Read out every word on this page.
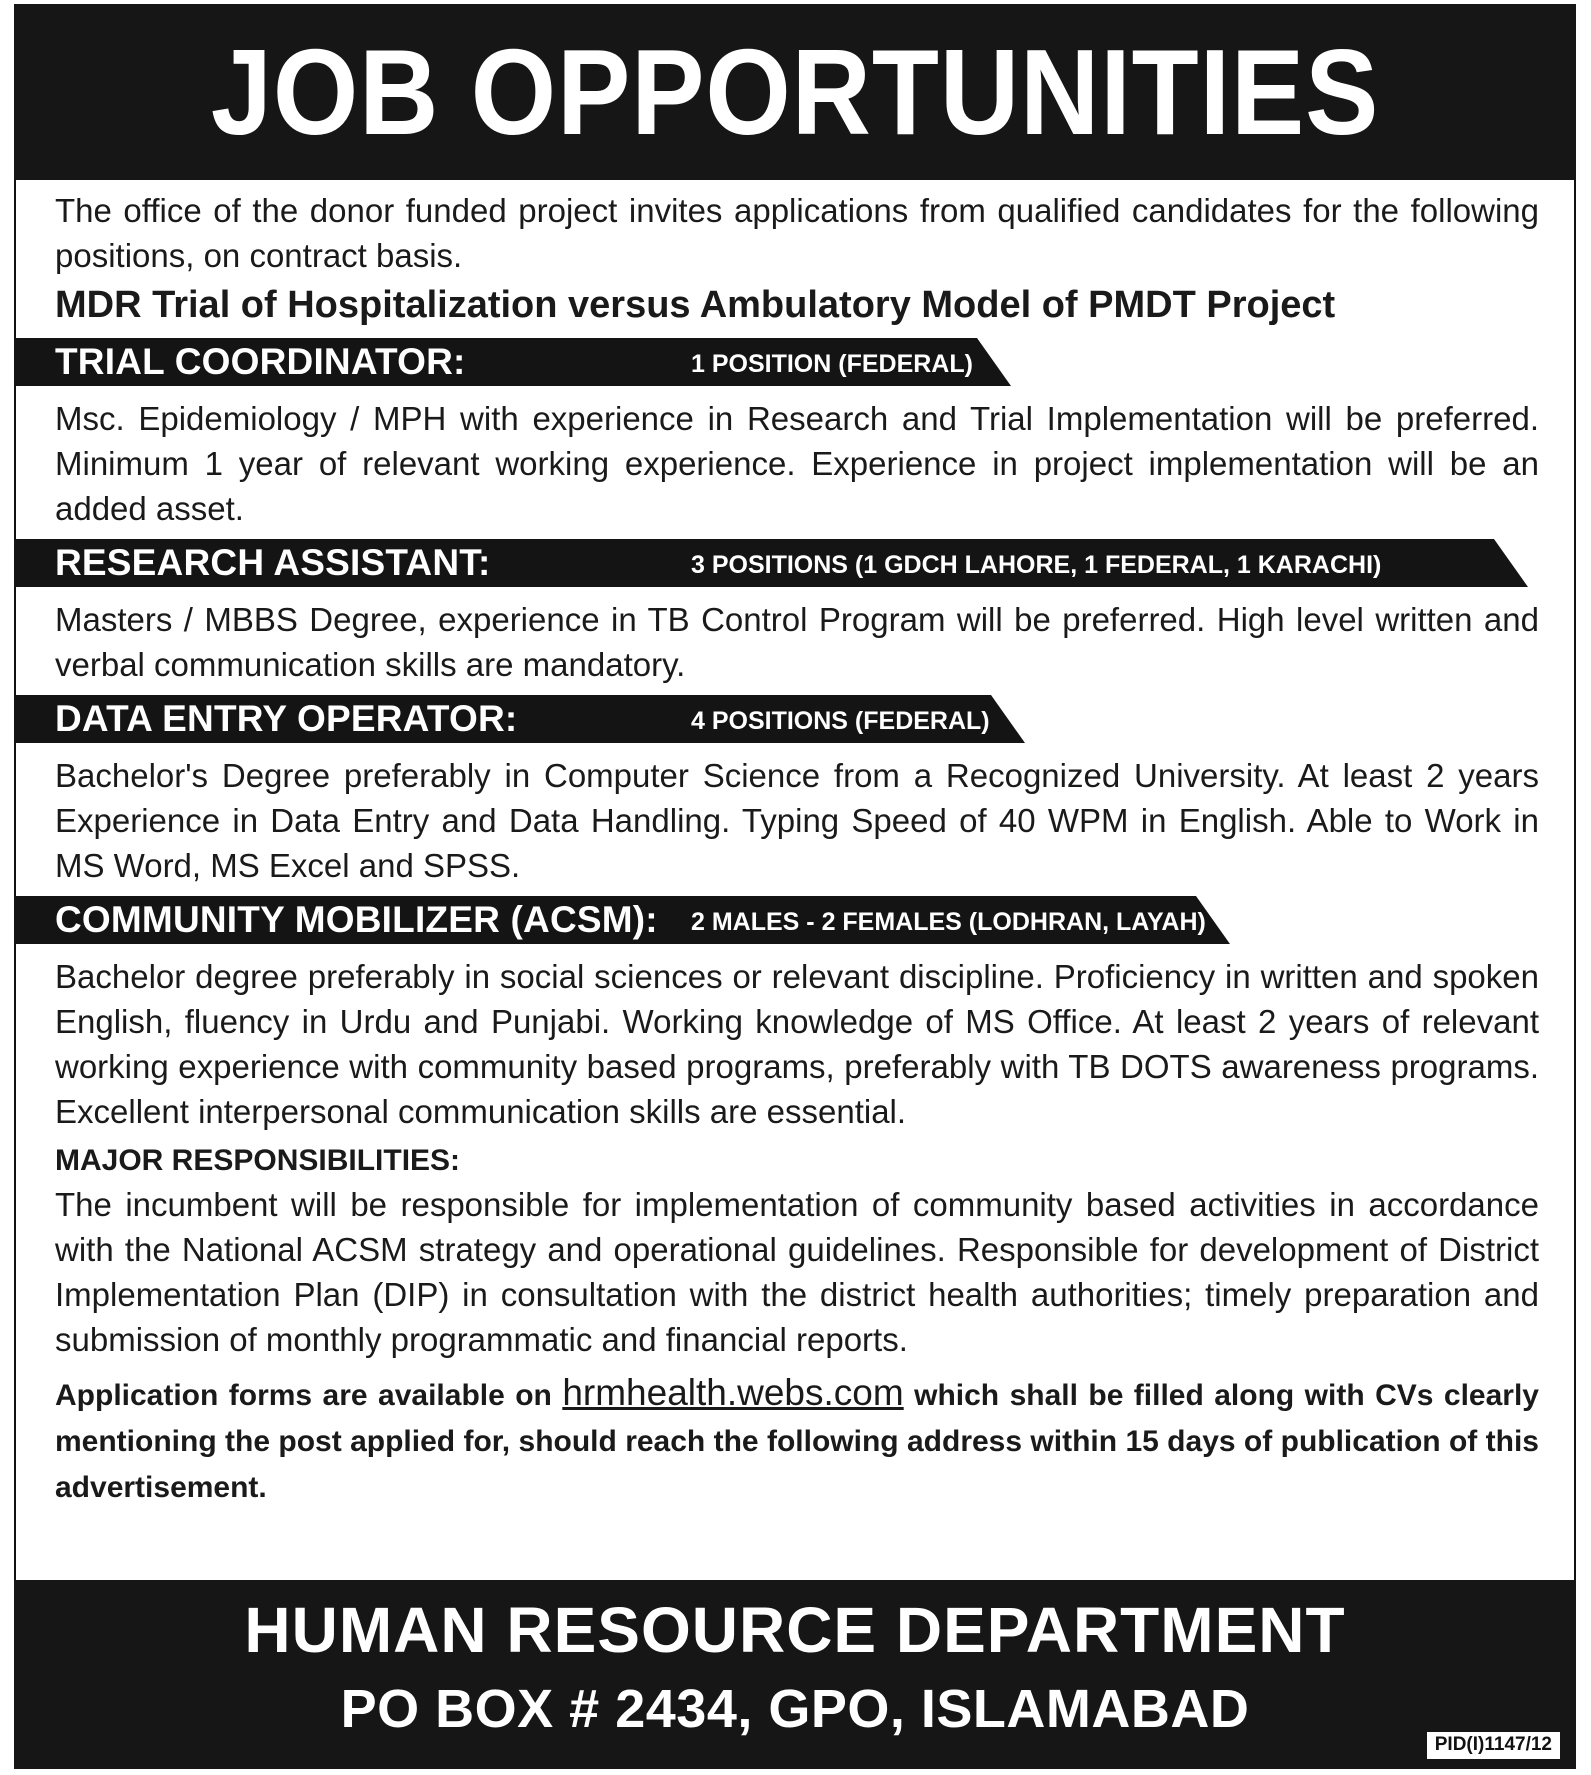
JOB OPPORTUNITIES

The office of the donor funded project invites applications from qualified candidates for the following positions, on contract basis.

MDR Trial of Hospitalization versus Ambulatory Model of PMDT Project
TRIAL COORDINATOR:	1 POSITION (FEDERAL)

Msc. Epidemiology / MPH with experience in Research and Trial Implementation will be preferred. Minimum 1 year of relevant working experience. Experience in project implementation will be an added asset.

RESEARCH ASSISTANT:	3 POSITIONS (1 GDCH LAHORE, 1 FEDERAL, 1 KARACHI)

Masters / MBBS Degree, experience in TB Control Program will be preferred. High level written and verbal communication skills are mandatory.

DATA ENTRY OPERATOR:	4 POSITIONS (FEDERAL)

Bachelor's Degree preferably in Computer Science from a Recognized University. At least 2 years Experience in Data Entry and Data Handling. Typing Speed of 40 WPM in English. Able to Work in MS Word, MS Excel and SPSS.

COMMUNITY MOBILIZER (ACSM): 2 MALES - 2 FEMALES (LODHRAN, LAYAH)

Bachelor degree preferably in social sciences or relevant discipline. Proficiency in written and spoken English, fluency in Urdu and Punjabi. Working knowledge of MS Office. At least 2 years of relevant working experience with community based programs, preferably with TB DOTS awareness programs. Excellent interpersonal communication skills are essential.

MAJOR RESPONSIBILITIES:

The incumbent will be responsible for implementation of community based activities in accordance with the National ACSM strategy and operational guidelines. Responsible for development of District Implementation Plan (DIP) in consultation with the district health authorities; timely preparation and submission of monthly programmatic and financial reports.

Application forms are available on hrmhealth.webs.com which shall be filled along with CVs clearly mentioning the post applied for, should reach the following address within 15 days of publication of this advertisement.

HUMAN RESOURCE DEPARTMENT
PO BOX # 2434, GPO, ISLAMABAD
PID(I)1147/12
